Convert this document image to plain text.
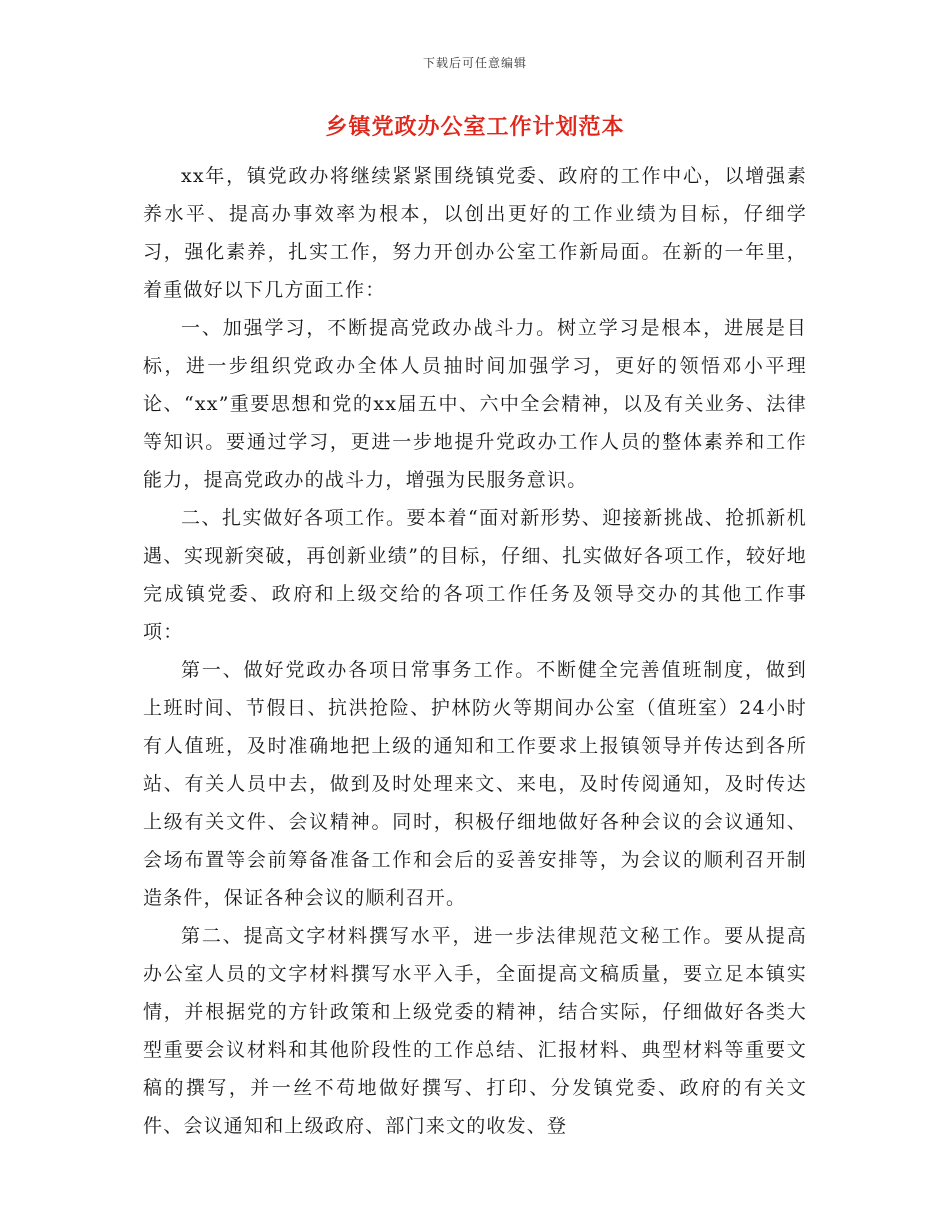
下载后可任意编辑
乡镇党政办公室工作计划范本

xx年，镇党政办将继续紧紧围绕镇党委、政府的工作中心，以增强素养水平、提高办事效率为根本，以创出更好的工作业绩为目标，仔细学习，强化素养，扎实工作，努力开创办公室工作新局面。在新的一年里，着重做好以下几方面工作：

一、加强学习，不断提高党政办战斗力。树立学习是根本，进展是目标，进一步组织党政办全体人员抽时间加强学习，更好的领悟邓小平理论、“xx”重要思想和党的xx届五中、六中全会精神，以及有关业务、法律等知识。要通过学习，更进一步地提升党政办工作人员的整体素养和工作能力，提高党政办的战斗力，增强为民服务意识。

二、扎实做好各项工作。要本着“面对新形势、迎接新挑战、抢抓新机遇、实现新突破，再创新业绩”的目标，仔细、扎实做好各项工作，较好地完成镇党委、政府和上级交给的各项工作任务及领导交办的其他工作事项：

第一、做好党政办各项日常事务工作。不断健全完善值班制度，做到上班时间、节假日、抗洪抢险、护林防火等期间办公室（值班室）24小时有人值班，及时准确地把上级的通知和工作要求上报镇领导并传达到各所站、有关人员中去，做到及时处理来文、来电，及时传阅通知，及时传达上级有关文件、会议精神。同时，积极仔细地做好各种会议的会议通知、会场布置等会前筹备准备工作和会后的妥善安排等，为会议的顺利召开制造条件，保证各种会议的顺利召开。

第二、提高文字材料撰写水平，进一步法律规范文秘工作。要从提高办公室人员的文字材料撰写水平入手，全面提高文稿质量，要立足本镇实情，并根据党的方针政策和上级党委的精神，结合实际，仔细做好各类大型重要会议材料和其他阶段性的工作总结、汇报材料、典型材料等重要文稿的撰写，并一丝不苟地做好撰写、打印、分发镇党委、政府的有关文件、会议通知和上级政府、部门来文的收发、登
